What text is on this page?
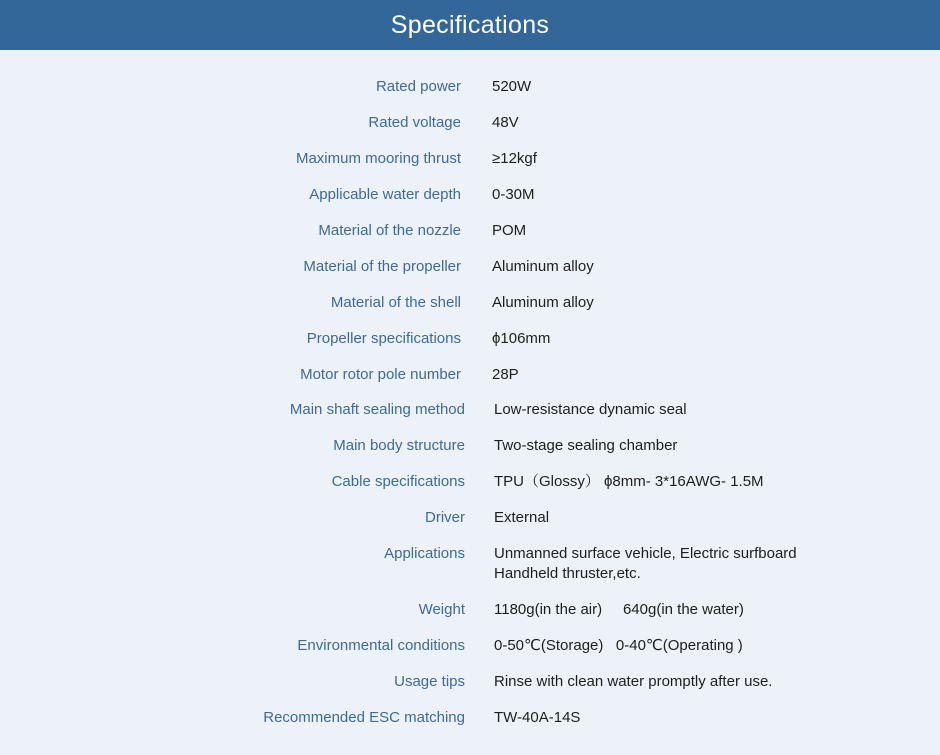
Specifications
Rated power 520W
Rated voltage 48V
Maximum mooring thrust ≥12kgf
Applicable water depth 0-30M
Material of the nozzle POM
Material of the propeller Aluminum alloy
Material of the shell Aluminum alloy
Propeller specifications ϕ106mm
Motor rotor pole number 28P
Main shaft sealing method Low-resistance dynamic seal
Main body structure Two-stage sealing chamber
Cable specifications TPU（Glossy） ϕ8mm- 3*16AWG- 1.5M
Driver External
Applications Unmanned surface vehicle, Electric surfboard
Handheld thruster,etc.
Weight 1180g(in the air)     640g(in the water)
Environmental conditions 0-50℃(Storage)   0-40℃(Operating )
Usage tips Rinse with clean water promptly after use.
Recommended ESC matching TW-40A-14S
